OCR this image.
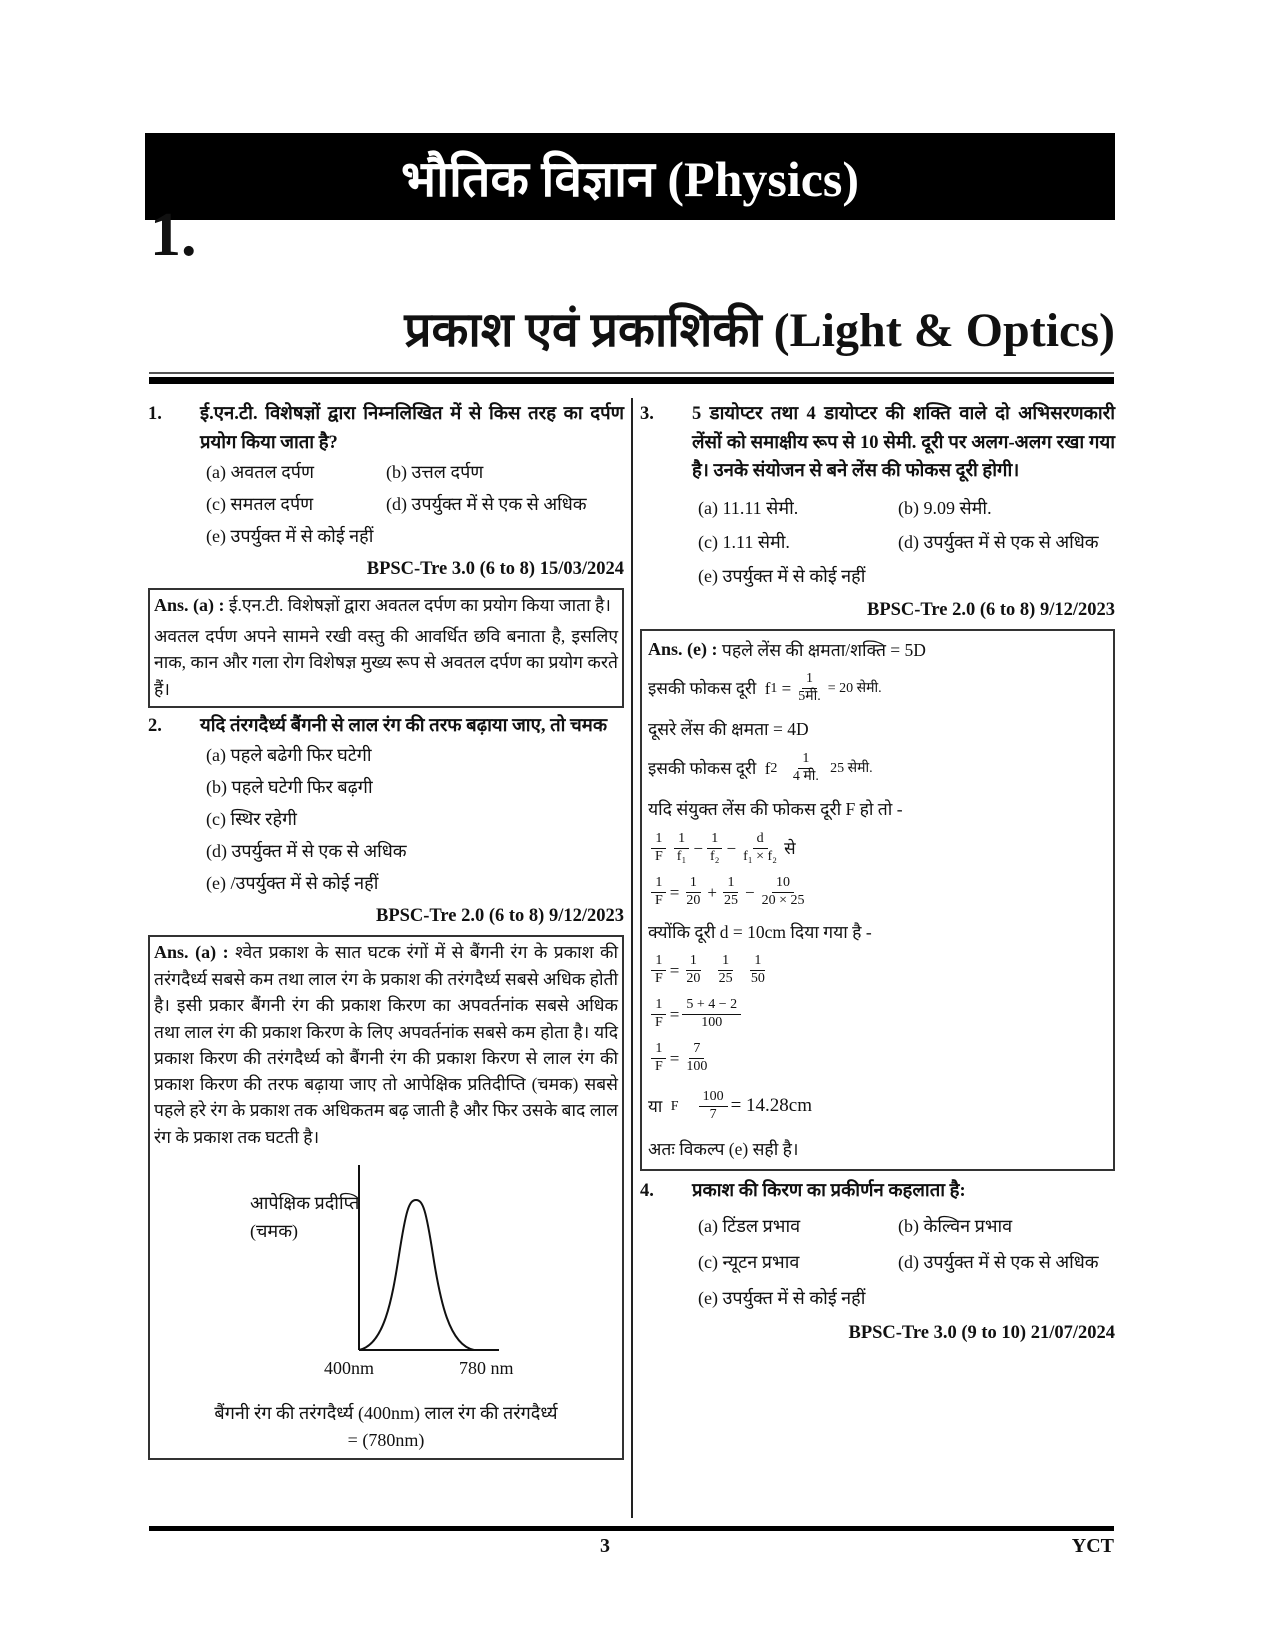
भौतिक विज्ञान (Physics)
1.
प्रकाश एवं प्रकाशिकी (Light & Optics)
1.	ई.एन.टी. विशेषज्ञों द्वारा निम्नलिखित में से किस तरह का दर्पण प्रयोग किया जाता है?
(a) अवतल दर्पण	(b) उत्तल दर्पण
(c) समतल दर्पण	(d) उपर्युक्त में से एक से अधिक
(e)
उपर्युक्त में से कोई नहीं
BPSC-Tre 3.0 (6 to 8) 15/03/2024
Ans. (a) : ई.एन.टी. विशेषज्ञों द्वारा अवतल दर्पण का प्रयोग किया जाता है।
अवतल दर्पण अपने सामने रखी वस्तु की आवर्धित छवि बनाता है, इसलिए नाक, कान और गला रोग विशेषज्ञ मुख्य रूप से अवतल दर्पण का प्रयोग करते हैं।
2.	यदि तंरगदैर्ध्य बैंगनी से लाल रंग की तरफ बढ़ाया जाए, तो चमक
(a)
पहले बढेगी फिर घटेगी
(b)
पहले घटेगी फिर बढ़गी
(c)
स्थिर रहेगी
(d)
उपर्युक्त में से एक से अधिक
(e)
/उपर्युक्त में से कोई नहीं
BPSC-Tre 2.0 (6 to 8) 9/12/2023
Ans. (a) : श्वेत प्रकाश के सात घटक रंगों में से बैंगनी रंग के प्रकाश की तरंगदैर्ध्य सबसे कम तथा लाल रंग के प्रकाश की तरंगदैर्ध्य सबसे अधिक होती है। इसी प्रकार बैंगनी रंग की प्रकाश किरण का अपवर्तनांक सबसे अधिक तथा लाल रंग की प्रकाश किरण के लिए अपवर्तनांक सबसे कम होता है। यदि प्रकाश किरण की तरंगदैर्ध्य को बैंगनी रंग की प्रकाश किरण से लाल रंग की प्रकाश किरण की तरफ बढ़ाया जाए तो आपेक्षिक प्रतिदीप्ति (चमक) सबसे पहले हरे रंग के प्रकाश तक अधिकतम बढ़ जाती है और फिर उसके बाद लाल रंग के प्रकाश तक घटती है।
आपेक्षिक प्रदीप्ति
(चमक)
400nm	780 nm
बैंगनी रंग की तरंगदैर्ध्य (400nm) लाल रंग की तरंगदैर्ध्य
= (780nm)
3.	5 डायोप्टर तथा 4 डायोप्टर की शक्ति वाले दो अभिसरणकारी लेंसों को समाक्षीय रूप से 10 सेमी. दूरी पर अलग-अलग रखा गया है। उनके संयोजन से बने लेंस की फोकस दूरी होगी।
(a) 11.11 सेमी.	(b) 9.09 सेमी.
(c) 1.11 सेमी.	(d) उपर्युक्त में से एक से अधिक
(e)
उपर्युक्त में से कोई नहीं
BPSC-Tre 2.0 (6 to 8) 9/12/2023
Ans. (e) :
पहले लेंस की क्षमता/शक्ति = 5D
इसकी फोकस दूरी
f $1 = \frac{1}{\text{5मी.}} = 20$ सेमी.
दूसरे लेंस की क्षमता = 4D
इसकी फोकस दूरी
f 2
$\frac{1}{\text{4 मी.}}$
25 सेमी.
यदि संयुक्त लेंस की फोकस दूरी F हो तो -
$\frac{1}{F} \frac{1}{\text{f₁}} - \frac{1}{\text{f₂}} - \frac{d}{\text{f₁ × f₂}}$ से
$\frac{1}{F} = \frac{1}{20} + \frac{1}{25} - \frac{10}{20 \times 25}$
क्योंकि दूरी d = 10cm दिया गया है -
$\frac{1}{F} = \frac{1}{20}$
$\frac{1}{25}$
$\frac{1}{50}$
$\frac{1}{F} = \frac{5 + 4 - 2}{100}$
$\frac{1}{F} = \frac{7}{100}$
या
F
$\frac{100}{7} = 14.28cm$
अतः विकल्प (e) सही है।
4.	प्रकाश की किरण का प्रकीर्णन कहलाता है:
(a) टिंडल प्रभाव	(b) केल्विन प्रभाव
(c) न्यूटन प्रभाव	(d) उपर्युक्त में से एक से अधिक
(e)
उपर्युक्त में से कोई नहीं
BPSC-Tre 3.0 (9 to 10) 21/07/2024
3	YCT
